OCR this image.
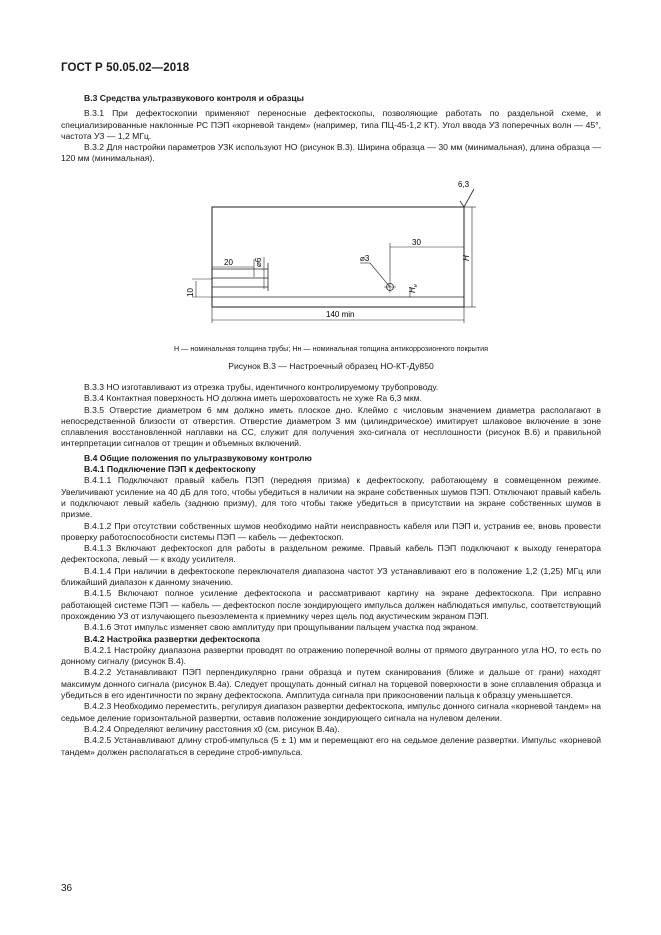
ГОСТ Р 50.05.02—2018

В.3 Средства ультразвукового контроля и образцы

В.3.1 При дефектоскопии применяют переносные дефектоскопы, позволяющие работать по раздельной схеме, и специализированные наклонные РС ПЭП «корневой тандем» (например, типа ПЦ-45-1,2 КТ). Угол ввода УЗ поперечных волн — 45°, частота УЗ — 1,2 МГц.

В.3.2 Для настройки параметров УЗК используют НО (рисунок В.3). Ширина образца — 30 мм (минимальная), длина образца — 120 мм (минимальная).

20	⌀6
10
⌀3
30
$H_н$
H
6,3
140 min
H — номинальная толщина трубы; Hн — номинальная толщина антикоррозионного покрытия
Рисунок В.3 — Настроечный образец НО-КТ-Ду850

В.3.3 НО изготавливают из отрезка трубы, идентичного контролируемому трубопроводу.

В.3.4 Контактная поверхность НО должна иметь шероховатость не хуже Ra 6,3 мкм.

В.3.5 Отверстие диаметром 6 мм должно иметь плоское дно. Клеймо с числовым значением диаметра располагают в непосредственной близости от отверстия. Отверстие диаметром 3 мм (цилиндрическое) имитирует шлаковое включение в зоне сплавления восстановленной наплавки на СС, служит для получения эхо-сигнала от несплошности (рисунок В.6) и правильной интерпретации сигналов от трещин и объемных включений.

В.4 Общие положения по ультразвуковому контролю

В.4.1 Подключение ПЭП к дефектоскопу

В.4.1.1 Подключают правый кабель ПЭП (передняя призма) к дефектоскопу, работающему в совмещенном режиме. Увеличивают усиление на 40 дБ для того, чтобы убедиться в наличии на экране собственных шумов ПЭП. Отключают правый кабель и подключают левый кабель (заднюю призму), для того чтобы также убедиться в присутствии на экране собственных шумов в призме.

В.4.1.2 При отсутствии собственных шумов необходимо найти неисправность кабеля или ПЭП и, устранив ее, вновь провести проверку работоспособности системы ПЭП — кабель — дефектоскоп.

В.4.1.3 Включают дефектоскоп для работы в раздельном режиме. Правый кабель ПЭП подключают к выходу генератора дефектоскопа, левый — к входу усилителя.

В.4.1.4 При наличии в дефектоскопе переключателя диапазона частот УЗ устанавливают его в положение 1,2 (1,25) МГц или ближайший диапазон к данному значению.

В.4.1.5 Включают полное усиление дефектоскопа и рассматривают картину на экране дефектоскопа. При исправно работающей системе ПЭП — кабель — дефектоскоп после зондирующего импульса должен наблюдаться импульс, соответствующий прохождению УЗ от излучающего пьезоэлемента к приемнику через щель под акустическим экраном ПЭП.

В.4.1.6 Этот импульс изменяет свою амплитуду при прощупывании пальцем участка под экраном.

В.4.2 Настройка развертки дефектоскопа

В.4.2.1 Настройку диапазона развертки проводят по отражению поперечной волны от прямого двугранного угла НО, то есть по донному сигналу (рисунок В.4).

В.4.2.2 Устанавливают ПЭП перпендикулярно грани образца и путем сканирования (ближе и дальше от грани) находят максимум донного сигнала (рисунок В.4а). Следует прощупать донный сигнал на торцевой поверхности в зоне сплавления образца и убедиться в его идентичности по экрану дефектоскопа. Амплитуда сигнала при прикосновении пальца к образцу уменьшается.

В.4.2.3 Необходимо переместить, регулируя диапазон развертки дефектоскопа, импульс донного сигнала «корневой тандем» на седьмое деление горизонтальной развертки, оставив положение зондирующего сигнала на нулевом делении.

В.4.2.4 Определяют величину расстояния x0 (см. рисунок В.4а).

В.4.2.5 Устанавливают длину строб-импульса (5 ± 1) мм и перемещают его на седьмое деление развертки. Импульс «корневой тандем» должен располагаться в середине строб-импульса.

36
